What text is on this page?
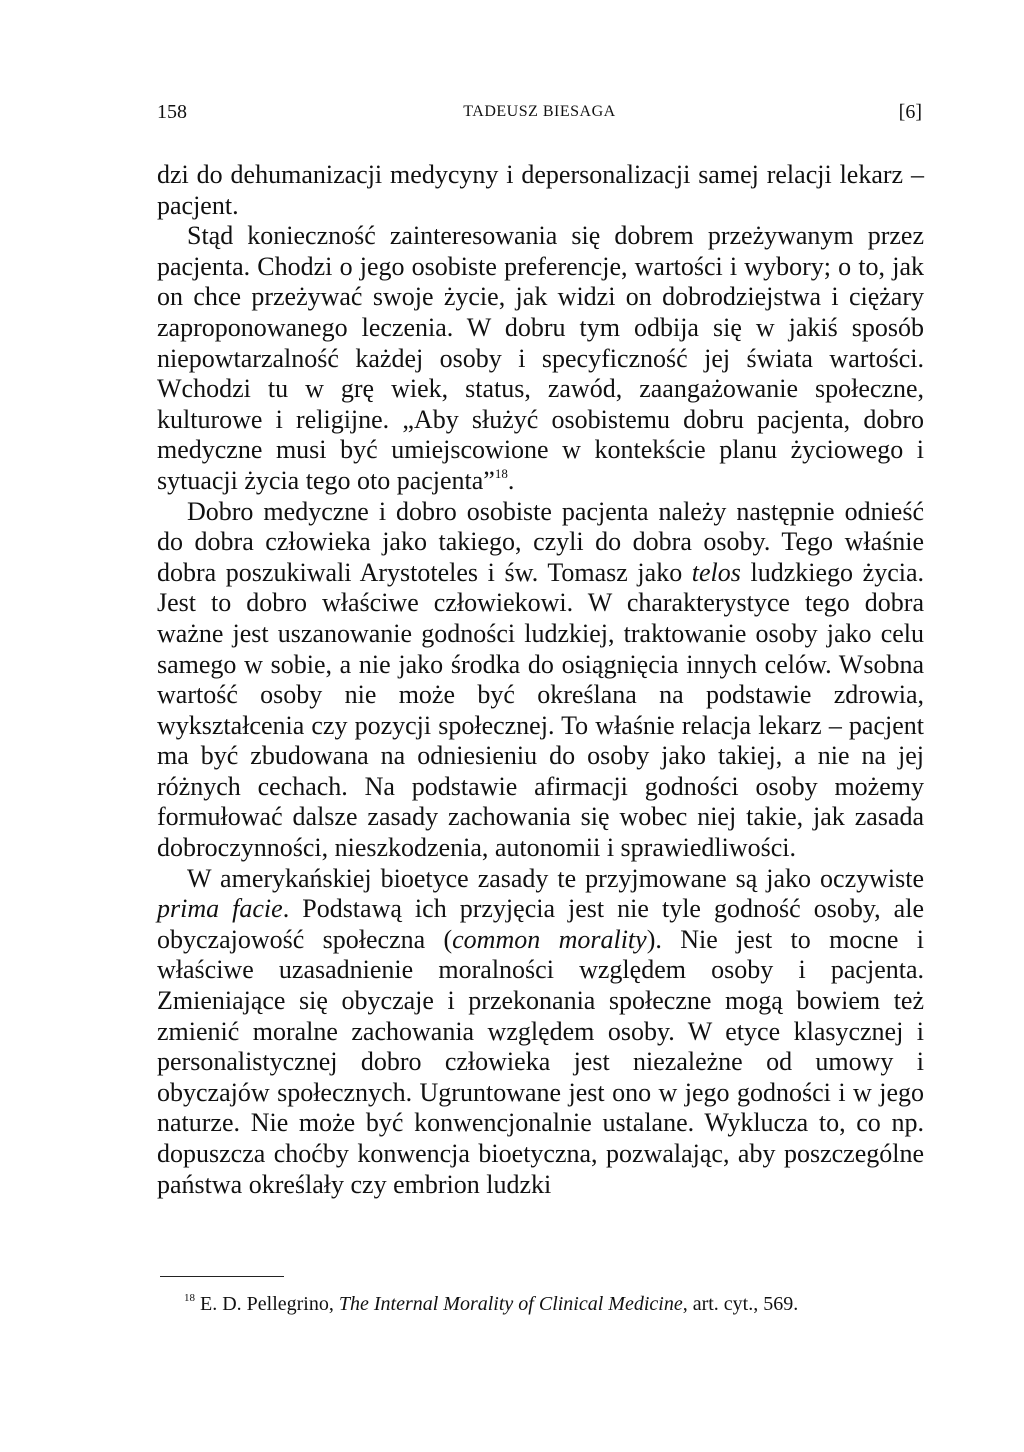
158	TADEUSZ BIESAGA	[6]

dzi do dehumanizacji medycyny i depersonalizacji samej relacji lekarz – pacjent.

Stąd konieczność zainteresowania się dobrem przeżywanym przez pacjenta. Chodzi o jego osobiste preferencje, wartości i wybory; o to, jak on chce przeżywać swoje życie, jak widzi on dobrodziejstwa i ciężary zaproponowanego leczenia. W dobru tym odbija się w jakiś sposób niepowtarzalność każdej osoby i specyficzność jej świata wartości. Wchodzi tu w grę wiek, status, zawód, zaangażowanie społeczne, kulturowe i religijne. „Aby służyć osobistemu dobru pacjenta, dobro medyczne musi być umiejscowione w kontekście planu życiowego i sytuacji życia tego oto pacjenta”$^{18}$.

Dobro medyczne i dobro osobiste pacjenta należy następnie odnieść do dobra człowieka jako takiego, czyli do dobra osoby. Tego właśnie dobra poszukiwali Arystoteles i św. Tomasz jako telos ludzkiego życia. Jest to dobro właściwe człowiekowi. W charakterystyce tego dobra ważne jest uszanowanie godności ludzkiej, traktowanie osoby jako celu samego w sobie, a nie jako środka do osiągnięcia innych celów. Wsobna wartość osoby nie może być określana na podstawie zdrowia, wykształcenia czy pozycji społecznej. To właśnie relacja lekarz – pacjent ma być zbudowana na odniesieniu do osoby jako takiej, a nie na jej różnych cechach. Na podstawie afirmacji godności osoby możemy formułować dalsze zasady zachowania się wobec niej takie, jak zasada dobroczynności, nieszkodzenia, autonomii i sprawiedliwości.

W amerykańskiej bioetyce zasady te przyjmowane są jako oczywiste prima facie. Podstawą ich przyjęcia jest nie tyle godność osoby, ale obyczajowość społeczna (common morality). Nie jest to mocne i właściwe uzasadnienie moralności względem osoby i pacjenta. Zmieniające się obyczaje i przekonania społeczne mogą bowiem też zmienić moralne zachowania względem osoby. W etyce klasycznej i personalistycznej dobro człowieka jest niezależne od umowy i obyczajów społecznych. Ugruntowane jest ono w jego godności i w jego naturze. Nie może być konwencjonalnie ustalane. Wyklucza to, co np. dopuszcza choćby konwencja bioetyczna, pozwalając, aby poszczególne państwa określały czy embrion ludzki

$^{18}$ E. D. Pellegrino, The Internal Morality of Clinical Medicine, art. cyt., 569.
